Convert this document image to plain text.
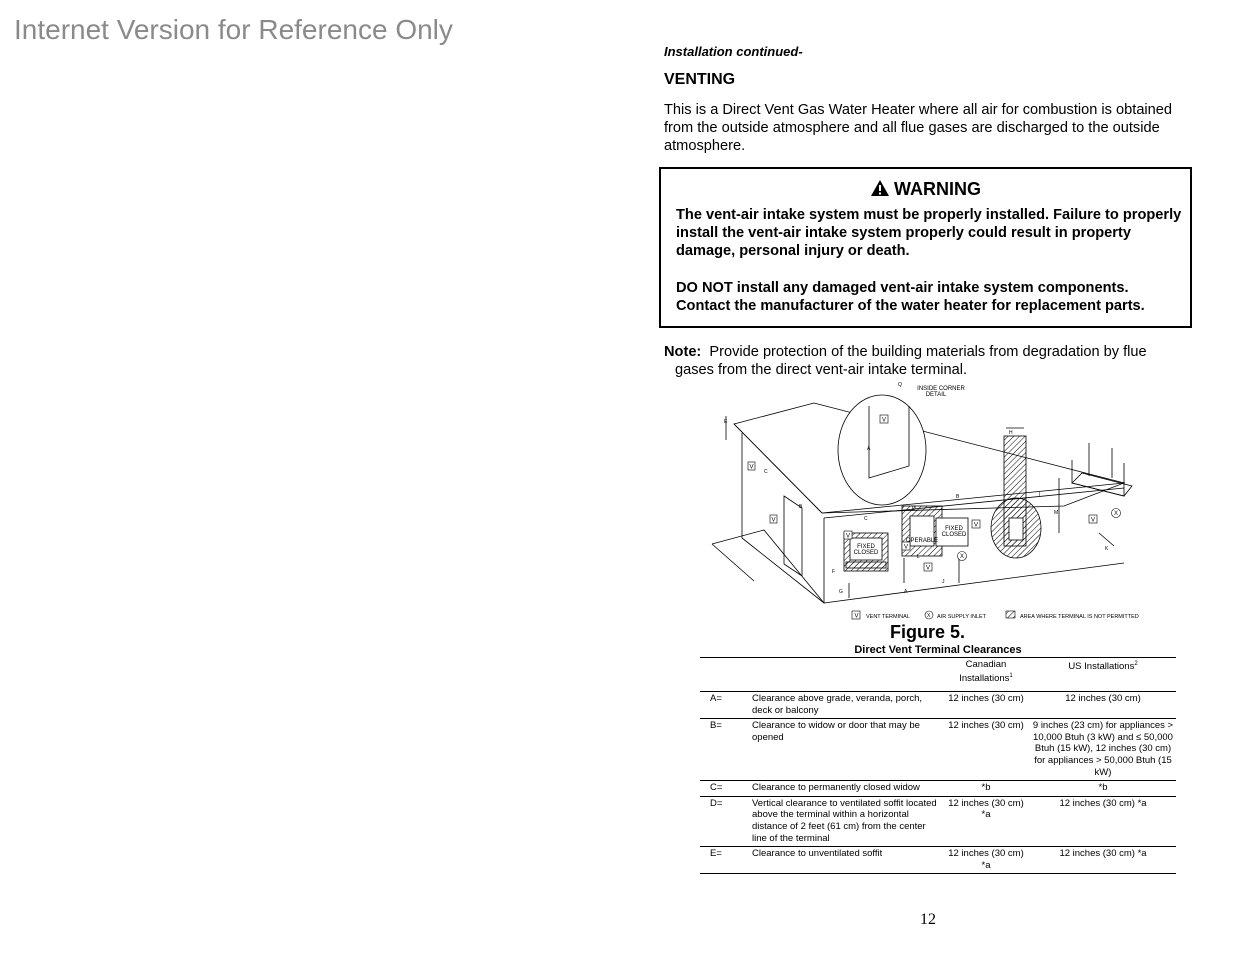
Internet Version for Reference Only
Installation continued-
VENTING
This is a Direct Vent Gas Water Heater where all air for combustion is obtained from the outside atmosphere and all flue gases are discharged to the outside atmosphere.
WARNING
The vent-air intake system must be properly installed. Failure to properly install the vent-air intake system properly could result in property damage, personal injury or death.
DO NOT install any damaged vent-air intake system components. Contact the manufacturer of the water heater for replacement parts.
Note: Provide protection of the building materials from degradation by flue
gases from the direct vent-air intake terminal.
V
V
V
V
V
V
V
V
X
X
FIXED
CLOSED
OPERABLE
FIXED
CLOSED
INSIDE CORNER
DETAIL
E
Q
A
H
I
B
C
D
F
G	A
J
L
M
K
B
C
V VENT TERMINAL	X AIR SUPPLY INLET	AREA WHERE TERMINAL IS NOT PERMITTED
Figure 5.
Direct Vent Terminal Clearances
		Canadian Installations$^1$	US Installations$^2$
A=	Clearance above grade, veranda, porch, deck or balcony	12 inches (30 cm)	12 inches (30 cm)
B=	Clearance to widow or door that may be opened	12 inches (30 cm)	9 inches (23 cm) for appliances > 10,000 Btuh (3 kW) and ≤ 50,000 Btuh (15 kW), 12 inches (30 cm) for appliances > 50,000 Btuh (15 kW)
C=	Clearance to permanently closed widow	*b	*b
D=	Vertical clearance to ventilated soffit located above the terminal within a horizontal distance of 2 feet (61 cm) from the center line of the terminal	12 inches (30 cm) *a	12 inches (30 cm) *a
E=	Clearance to unventilated soffit	12 inches (30 cm) *a	12 inches (30 cm) *a
12
